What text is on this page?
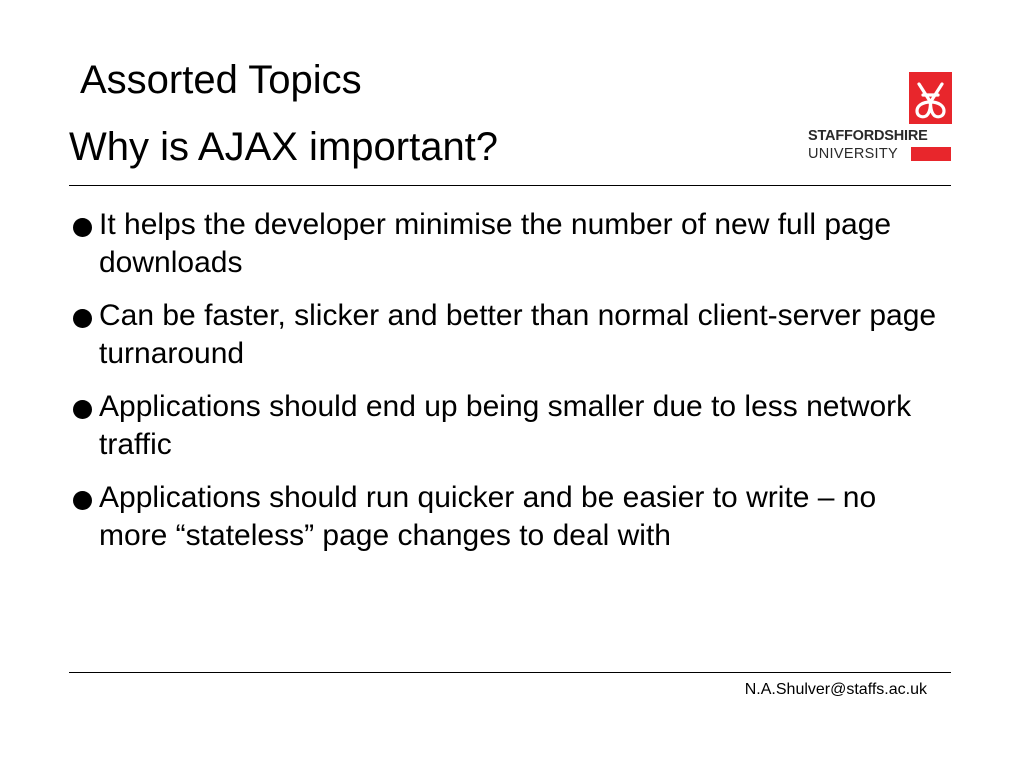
Assorted Topics
Why is AJAX important?	STAFFORDSHIRE
UNIVERSITY
It helps the developer minimise the number of new full page downloads
Can be faster, slicker and better than normal client-server page turnaround
Applications should end up being smaller due to less network traffic
Applications should run quicker and be easier to write – no more “stateless” page changes to deal with
N.A.Shulver@staffs.ac.uk
